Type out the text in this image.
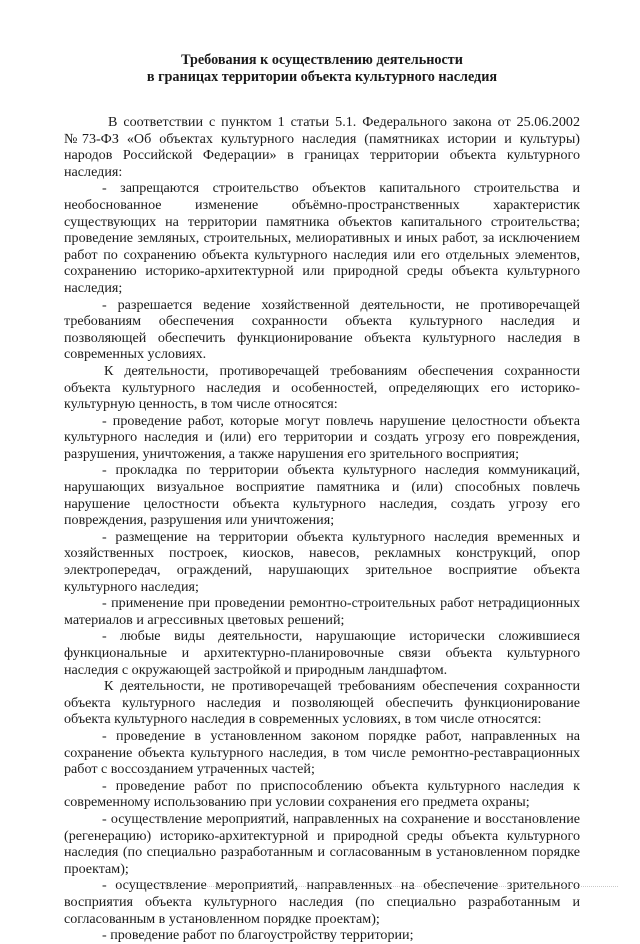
Требования к осуществлению деятельности
в границах территории объекта культурного наследия

В соответствии с пунктом 1 статьи 5.1. Федерального закона от 25.06.2002 №73-ФЗ «Об объектах культурного наследия (памятниках истории и культуры) народов Российской Федерации» в границах территории объекта культурного наследия:

- запрещаются строительство объектов капитального строительства и необоснованное изменение объёмно-пространственных характеристик существующих на территории памятника объектов капитального строительства; проведение земляных, строительных, мелиоративных и иных работ, за исключением работ по сохранению объекта культурного наследия или его отдельных элементов, сохранению историко-архитектурной или природной среды объекта культурного наследия;

- разрешается ведение хозяйственной деятельности, не противоречащей требованиям обеспечения сохранности объекта культурного наследия и позволяющей обеспечить функционирование объекта культурного наследия в современных условиях.

К деятельности, противоречащей требованиям обеспечения сохранности объекта культурного наследия и особенностей, определяющих его историко-культурную ценность, в том числе относятся:

- проведение работ, которые могут повлечь нарушение целостности объекта культурного наследия и (или) его территории и создать угрозу его повреждения, разрушения, уничтожения, а также нарушения его зрительного восприятия;

- прокладка по территории объекта культурного наследия коммуникаций, нарушающих визуальное восприятие памятника и (или) способных повлечь нарушение целостности объекта культурного наследия, создать угрозу его повреждения, разрушения или уничтожения;

- размещение на территории объекта культурного наследия временных и хозяйственных построек, киосков, навесов, рекламных конструкций, опор электропередач, ограждений, нарушающих зрительное восприятие объекта культурного наследия;

- применение при проведении ремонтно-строительных работ нетрадиционных материалов и агрессивных цветовых решений;

- любые виды деятельности, нарушающие исторически сложившиеся функциональные и архитектурно-планировочные связи объекта культурного наследия с окружающей застройкой и природным ландшафтом.

К деятельности, не противоречащей требованиям обеспечения сохранности объекта культурного наследия и позволяющей обеспечить функционирование объекта культурного наследия в современных условиях, в том числе относятся:

- проведение в установленном законом порядке работ, направленных на сохранение объекта культурного наследия, в том числе ремонтно-реставрационных работ с воссозданием утраченных частей;

- проведение работ по приспособлению объекта культурного наследия к современному использованию при условии сохранения его предмета охраны;

- осуществление мероприятий, направленных на сохранение и восстановление (регенерацию) историко-архитектурной и природной среды объекта культурного наследия (по специально разработанным и согласованным в установленном порядке проектам);

- осуществление мероприятий, направленных на обеспечение зрительного восприятия объекта культурного наследия (по специально разработанным и согласованным в установленном порядке проектам);

- проведение работ по благоустройству территории;
